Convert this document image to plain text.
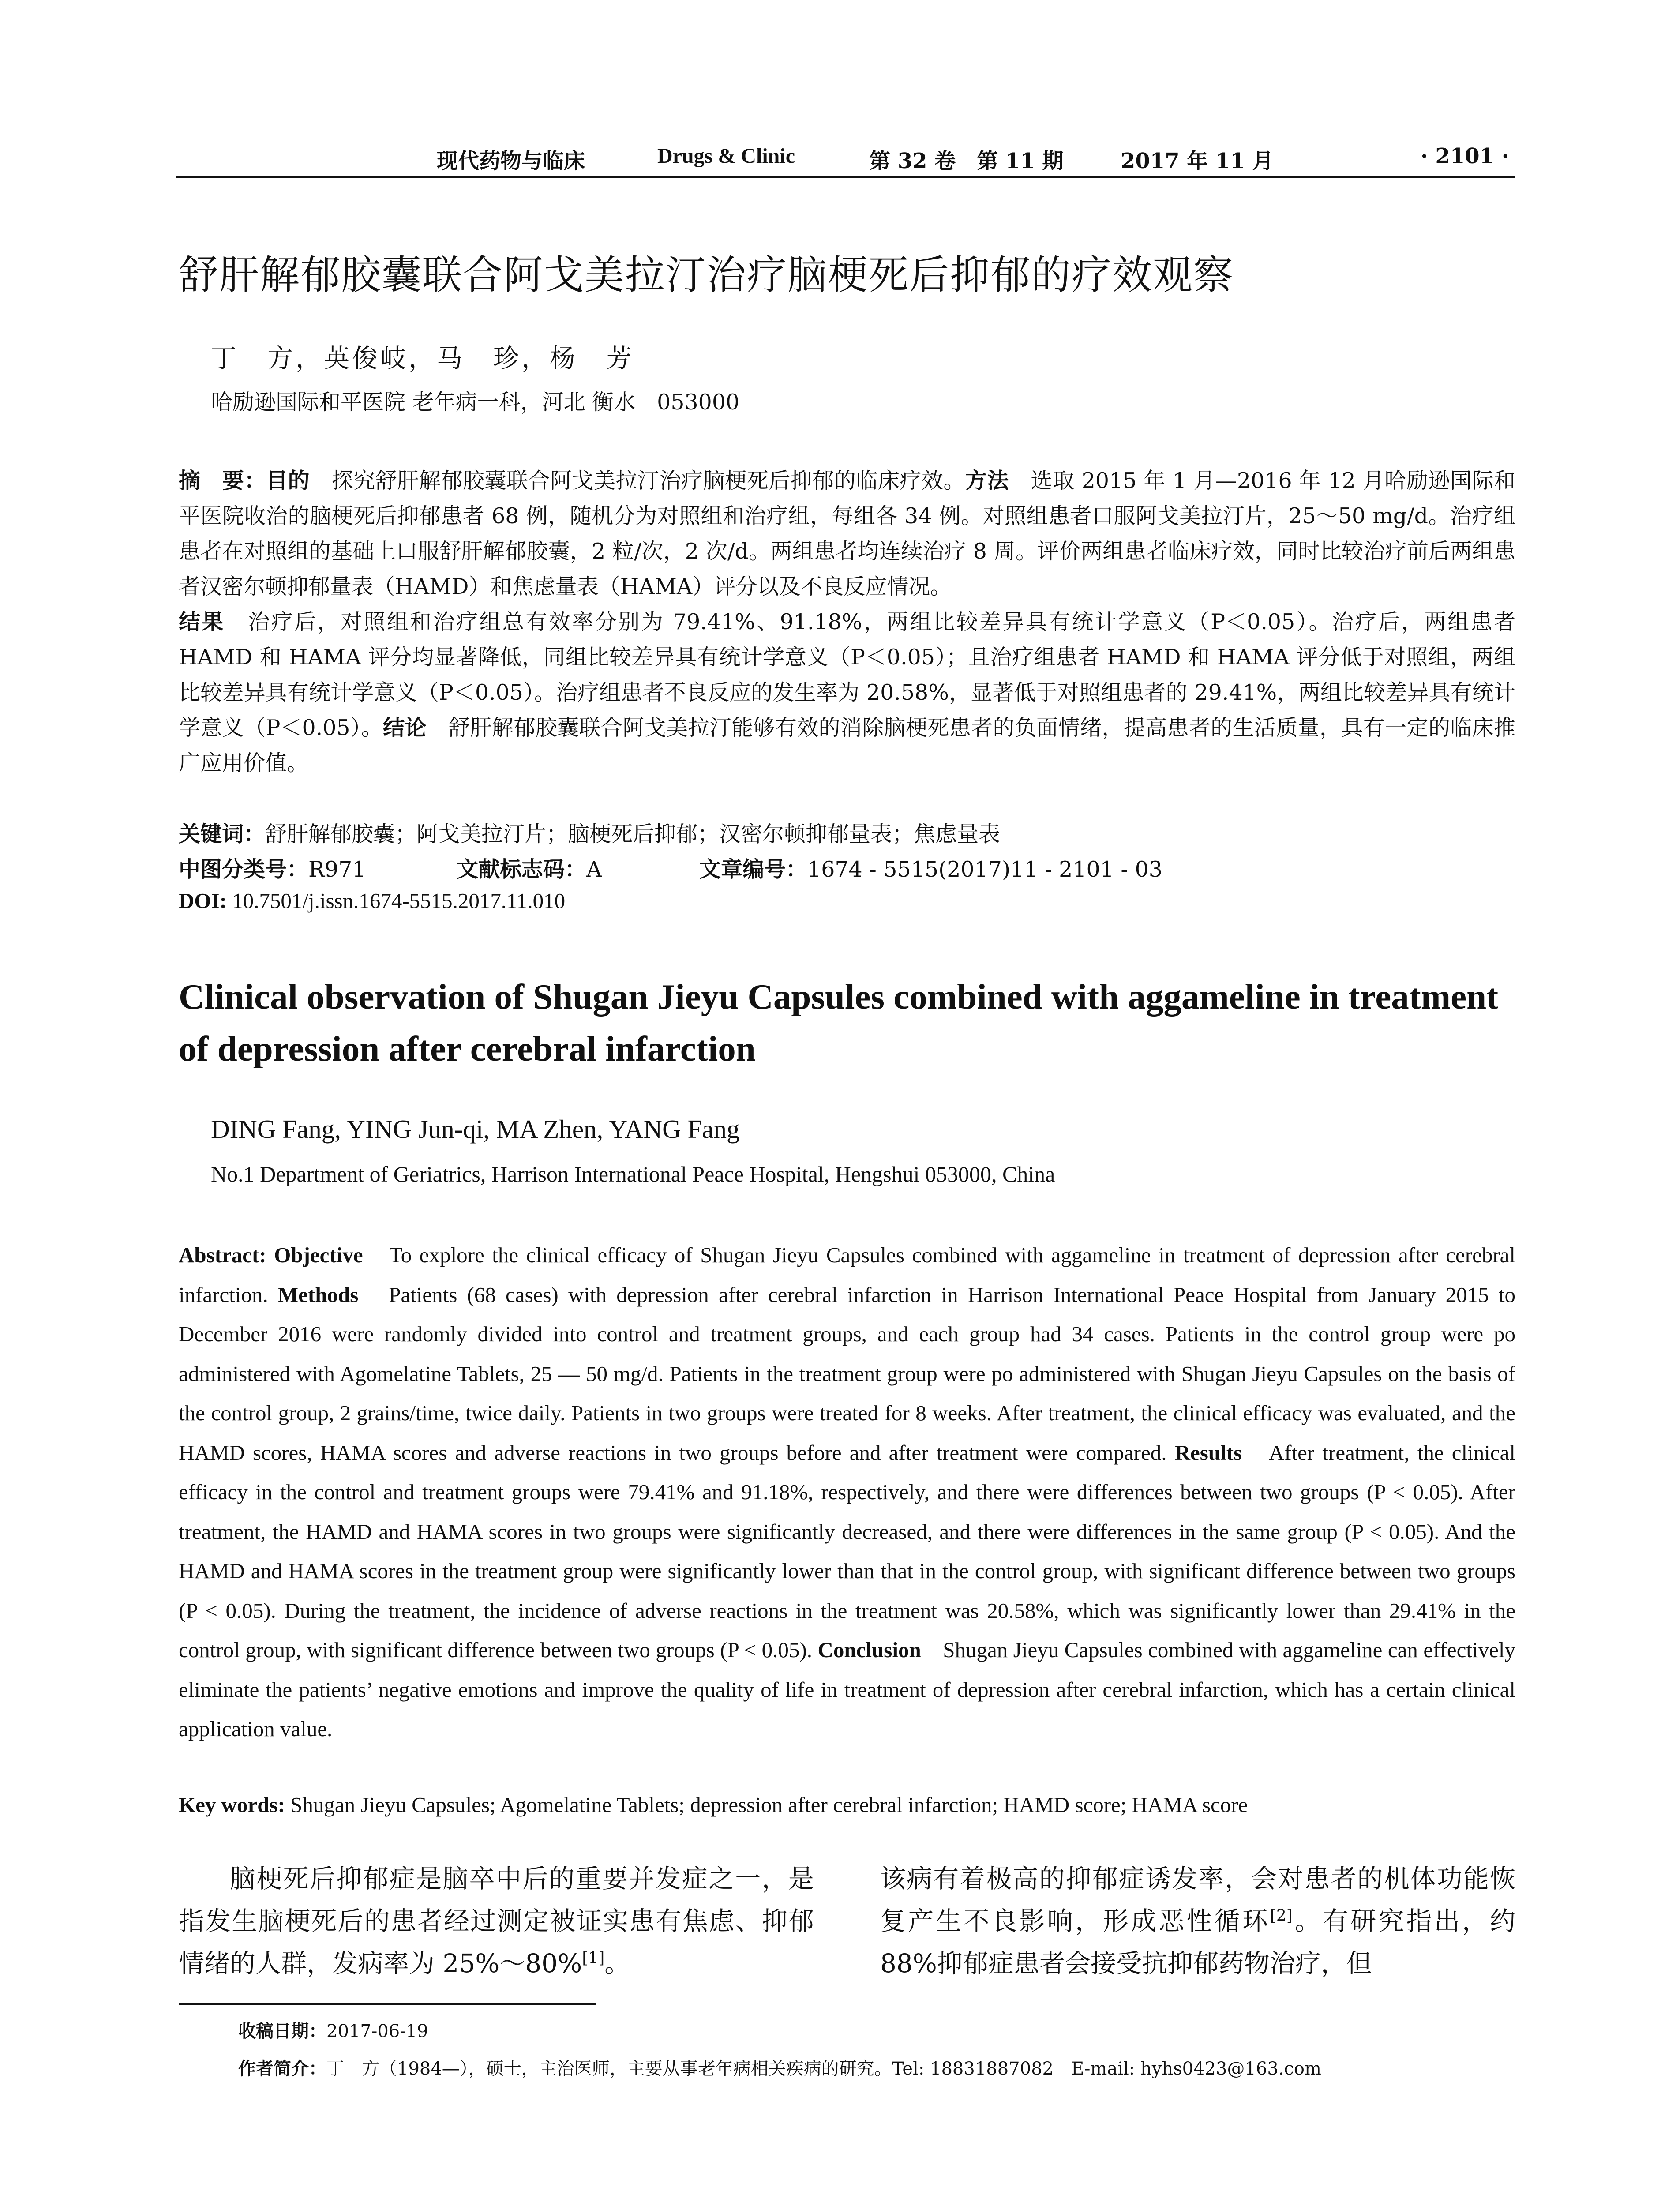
现代药物与临床	Drugs & Clinic	第 32 卷　第 11 期	2017 年 11 月	· 2101 ·
舒肝解郁胶囊联合阿戈美拉汀治疗脑梗死后抑郁的疗效观察
丁　方，英俊岐，马　珍，杨　芳
哈励逊国际和平医院 老年病一科，河北 衡水　053000
摘　要：目的　探究舒肝解郁胶囊联合阿戈美拉汀治疗脑梗死后抑郁的临床疗效。方法　选取 2015 年 1 月—2016 年 12 月哈励逊国际和平医院收治的脑梗死后抑郁患者 68 例，随机分为对照组和治疗组，每组各 34 例。对照组患者口服阿戈美拉汀片，25～50 mg/d。治疗组患者在对照组的基础上口服舒肝解郁胶囊，2 粒/次，2 次/d。两组患者均连续治疗 8 周。评价两组患者临床疗效，同时比较治疗前后两组患者汉密尔顿抑郁量表（HAMD）和焦虑量表（HAMA）评分以及不良反应情况。
结果　治疗后，对照组和治疗组总有效率分别为 79.41%、91.18%，两组比较差异具有统计学意义（P＜0.05）。治疗后，两组患者 HAMD 和 HAMA 评分均显著降低，同组比较差异具有统计学意义（P＜0.05）；且治疗组患者 HAMD 和 HAMA 评分低于对照组，两组比较差异具有统计学意义（P＜0.05）。治疗组患者不良反应的发生率为 20.58%，显著低于对照组患者的 29.41%，两组比较差异具有统计学意义（P＜0.05）。结论　舒肝解郁胶囊联合阿戈美拉汀能够有效的消除脑梗死患者的负面情绪，提高患者的生活质量，具有一定的临床推广应用价值。
关键词：舒肝解郁胶囊；阿戈美拉汀片；脑梗死后抑郁；汉密尔顿抑郁量表；焦虑量表
中图分类号：R971	文献标志码：A	文章编号：1674 - 5515(2017)11 - 2101 - 03
DOI: 10.7501/j.issn.1674-5515.2017.11.010
Clinical observation of Shugan Jieyu Capsules combined with aggameline in treatment of depression after cerebral infarction
DING Fang, YING Jun-qi, MA Zhen, YANG Fang
No.1 Department of Geriatrics, Harrison International Peace Hospital, Hengshui 053000, China
Abstract: Objective　To explore the clinical efficacy of Shugan Jieyu Capsules combined with aggameline in treatment of depression after cerebral infarction. Methods　Patients (68 cases) with depression after cerebral infarction in Harrison International Peace Hospital from January 2015 to December 2016 were randomly divided into control and treatment groups, and each group had 34 cases. Patients in the control group were po administered with Agomelatine Tablets, 25 — 50 mg/d. Patients in the treatment group were po administered with Shugan Jieyu Capsules on the basis of the control group, 2 grains/time, twice daily. Patients in two groups were treated for 8 weeks. After treatment, the clinical efficacy was evaluated, and the HAMD scores, HAMA scores and adverse reactions in two groups before and after treatment were compared. Results　After treatment, the clinical efficacy in the control and treatment groups were 79.41% and 91.18%, respectively, and there were differences between two groups (P < 0.05). After treatment, the HAMD and HAMA scores in two groups were significantly decreased, and there were differences in the same group (P < 0.05). And the HAMD and HAMA scores in the treatment group were significantly lower than that in the control group, with significant difference between two groups (P < 0.05). During the treatment, the incidence of adverse reactions in the treatment was 20.58%, which was significantly lower than 29.41% in the control group, with significant difference between two groups (P < 0.05). Conclusion　Shugan Jieyu Capsules combined with aggameline can effectively eliminate the patients’ negative emotions and improve the quality of life in treatment of depression after cerebral infarction, which has a certain clinical application value.
Key words: Shugan Jieyu Capsules; Agomelatine Tablets; depression after cerebral infarction; HAMD score; HAMA score
脑梗死后抑郁症是脑卒中后的重要并发症之一，是指发生脑梗死后的患者经过测定被证实患有焦虑、抑郁情绪的人群，发病率为 25%～80%[1]。
该病有着极高的抑郁症诱发率，会对患者的机体功能恢复产生不良影响，形成恶性循环[2]。有研究指出，约 88%抑郁症患者会接受抗抑郁药物治疗，但
收稿日期：2017-06-19
作者简介：丁　方（1984—），硕士，主治医师，主要从事老年病相关疾病的研究。Tel: 18831887082　E-mail: hyhs0423@163.com
